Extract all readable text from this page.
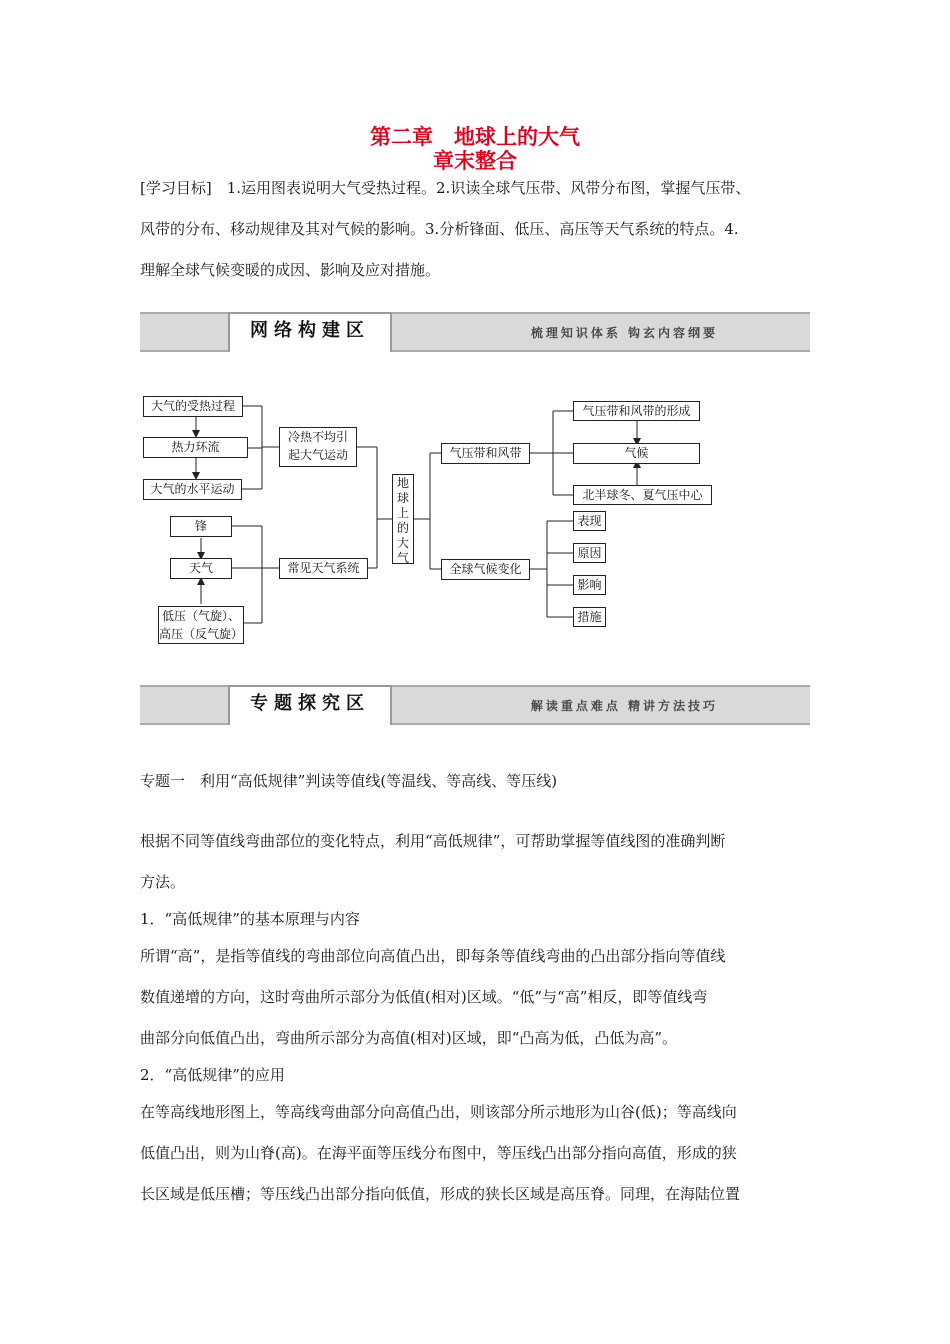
第二章　地球上的大气
章末整合
[学习目标]　1.运用图表说明大气受热过程。2.识读全球气压带、风带分布图，掌握气压带、
风带的分布、移动规律及其对气候的影响。3.分析锋面、低压、高压等天气系统的特点。4.
理解全球气候变暖的成因、影响及应对措施。
网络构建区	梳理知识体系 钩玄内容纲要
大气的受热过程
热力环流
大气的水平运动
冷热不均引
起大气运动
锋
天气
低压（气旋）、
高压（反气旋）
常见天气系统
地
球
上
的
大
气
气压带和风带
气压带和风带的形成
气候
北半球冬、夏气压中心
全球气候变化
表现
原因
影响
措施
专题探究区	解读重点难点 精讲方法技巧
专题一　利用“高低规律”判读等值线(等温线、等高线、等压线)
根据不同等值线弯曲部位的变化特点，利用“高低规律”，可帮助掌握等值线图的准确判断
方法。
1．“高低规律”的基本原理与内容
所谓“高”，是指等值线的弯曲部位向高值凸出，即每条等值线弯曲的凸出部分指向等值线
数值递增的方向，这时弯曲所示部分为低值(相对)区域。“低”与“高”相反，即等值线弯
曲部分向低值凸出，弯曲所示部分为高值(相对)区域，即“凸高为低，凸低为高”。
2．“高低规律”的应用
在等高线地形图上，等高线弯曲部分向高值凸出，则该部分所示地形为山谷(低)；等高线向
低值凸出，则为山脊(高)。在海平面等压线分布图中，等压线凸出部分指向高值，形成的狭
长区域是低压槽；等压线凸出部分指向低值，形成的狭长区域是高压脊。同理，在海陆位置
